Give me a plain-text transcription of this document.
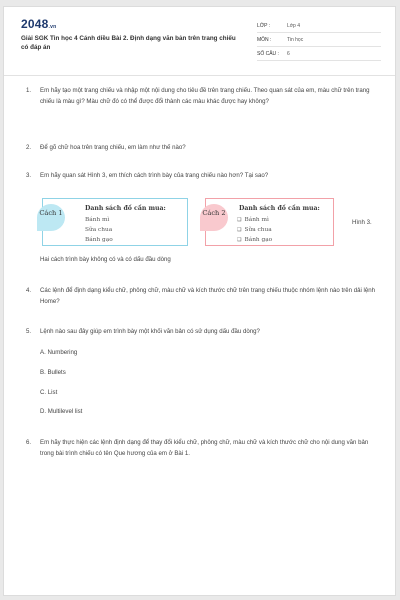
2048.vn
Giải SGK Tin học 4 Cánh diều Bài 2. Định dạng văn bản trên trang chiếu có đáp án
LỚP :	Lớp 4
MÔN :	Tin học
SỐ CÂU : 6
1. Em hãy tạo một trang chiếu và nhập một nội dung cho tiêu đề trên trang chiếu. Theo quan sát của em, màu chữ trên trang chiếu là màu gì? Màu chữ đó có thể được đổi thành các màu khác được hay không?
2. Để gõ chữ hoa trên trang chiếu, em làm như thế nào?
3. Em hãy quan sát Hình 3, em thích cách trình bày của trang chiếu nào hơn? Tại sao?
Cách 1
Danh sách đồ cần mua:
Bánh mì
Sữa chua
Bánh gạo
Cách 2
Danh sách đồ cần mua:
❑ Bánh mì
❑ Sữa chua
❑ Bánh gạo
Hình 3.
Hai cách trình bày không có và có dấu đầu dòng
4. Các lệnh để định dạng kiểu chữ, phông chữ, màu chữ và kích thước chữ trên trang chiếu thuộc nhóm lệnh nào trên dải lệnh Home?
5. Lệnh nào sau đây giúp em trình bày một khối văn bản có sử dụng dấu đầu dòng?
A. Numbering
B. Bullets
C. List
D. Multilevel list
6. Em hãy thực hiện các lệnh định dạng để thay đổi kiểu chữ, phông chữ, màu chữ và kích thước chữ cho nội dung văn bản trong bài trình chiếu có tên Que hương của em ở Bài 1.
